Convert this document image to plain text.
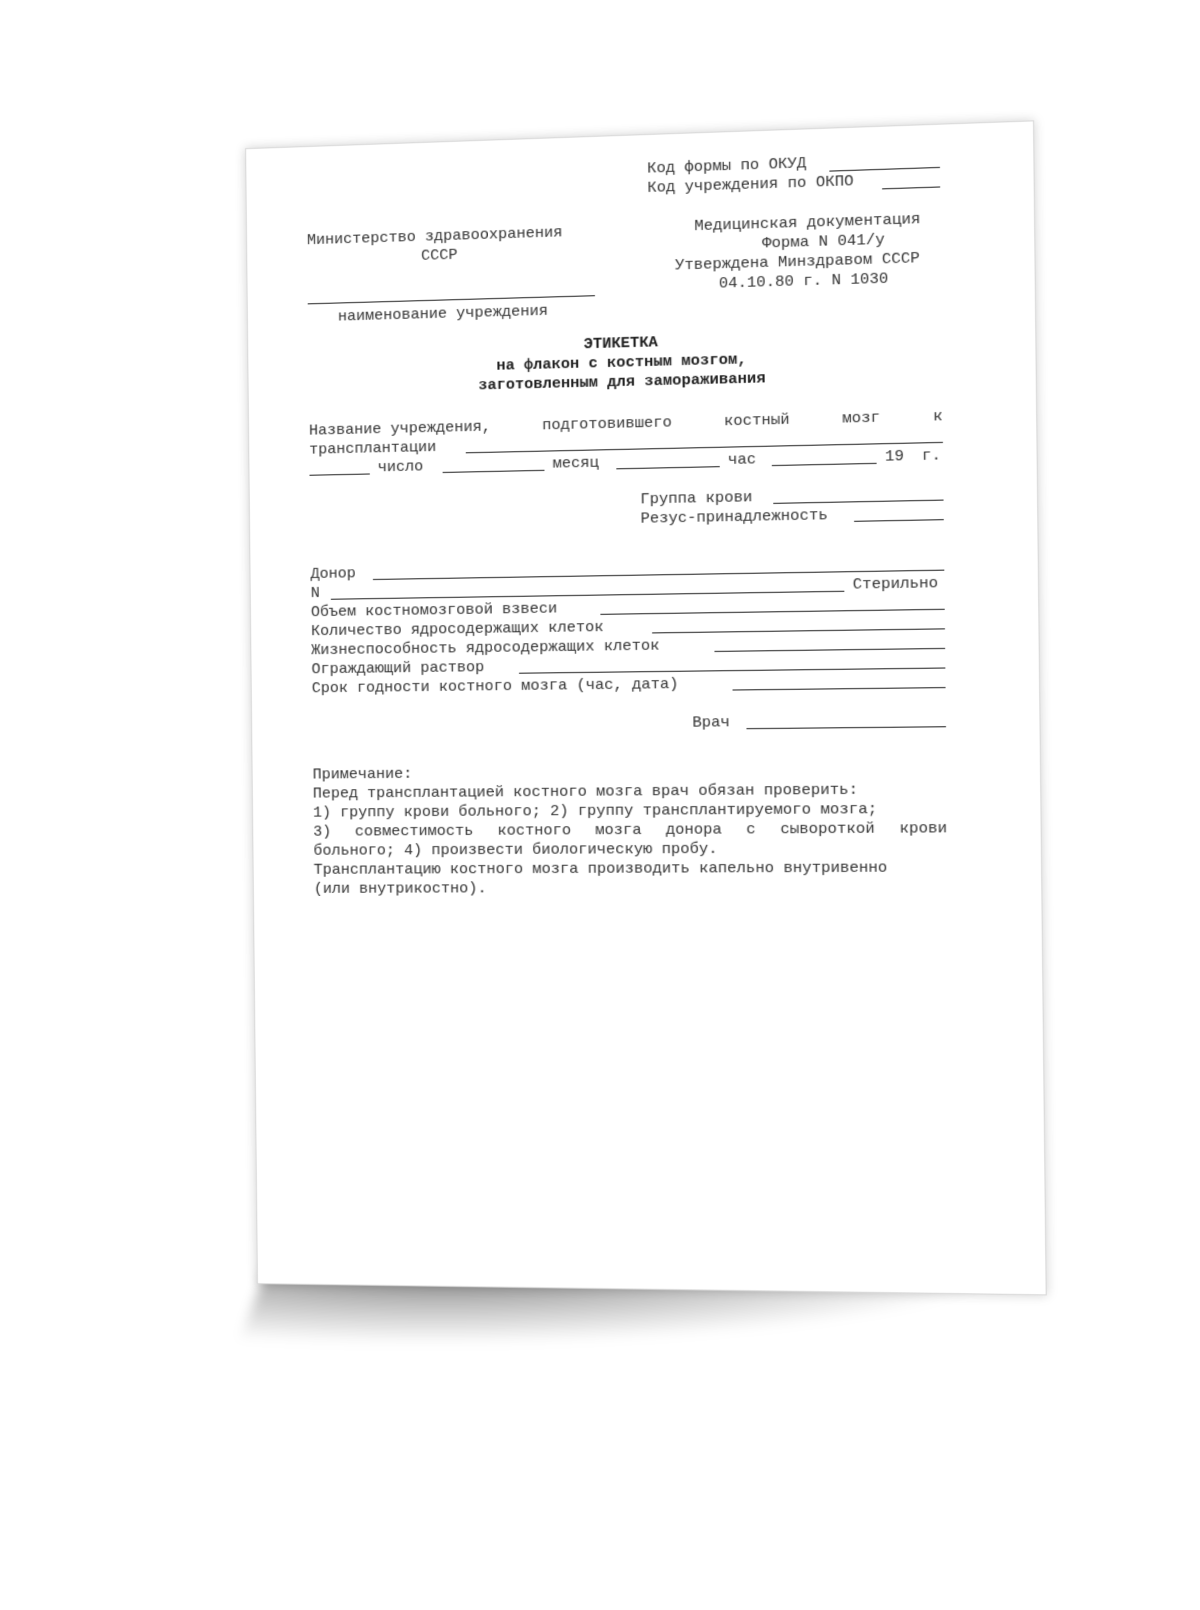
Код формы по ОКУД
Код учреждения по ОКПО
Министерство здравоохранения
СССР
Медицинская документация
Форма N 041/у
Утверждена Минздравом СССР
04.10.80 г. N 1030
наименование учреждения
ЭТИКЕТКА
на флакон с костным мозгом,
заготовленным для замораживания
Название учреждения,	подготовившего	костный	мозг	к
трансплантации
число	месяц	час	19 г.
Группа крови
Резус-принадлежность
Донор
N	Стерильно
Объем костномозговой взвеси
Количество ядросодержащих клеток
Жизнеспособность ядросодержащих клеток
Ограждающий раствор
Срок годности костного мозга (час, дата)
Врач
Примечание:
Перед трансплантацией костного мозга врач обязан проверить:
1) группу крови больного; 2) группу трансплантируемого мозга;
3) совместимость костного мозга донора с сывороткой крови
больного; 4) произвести биологическую пробу.
Трансплантацию костного мозга производить капельно внутривенно
(или внутрикостно).
